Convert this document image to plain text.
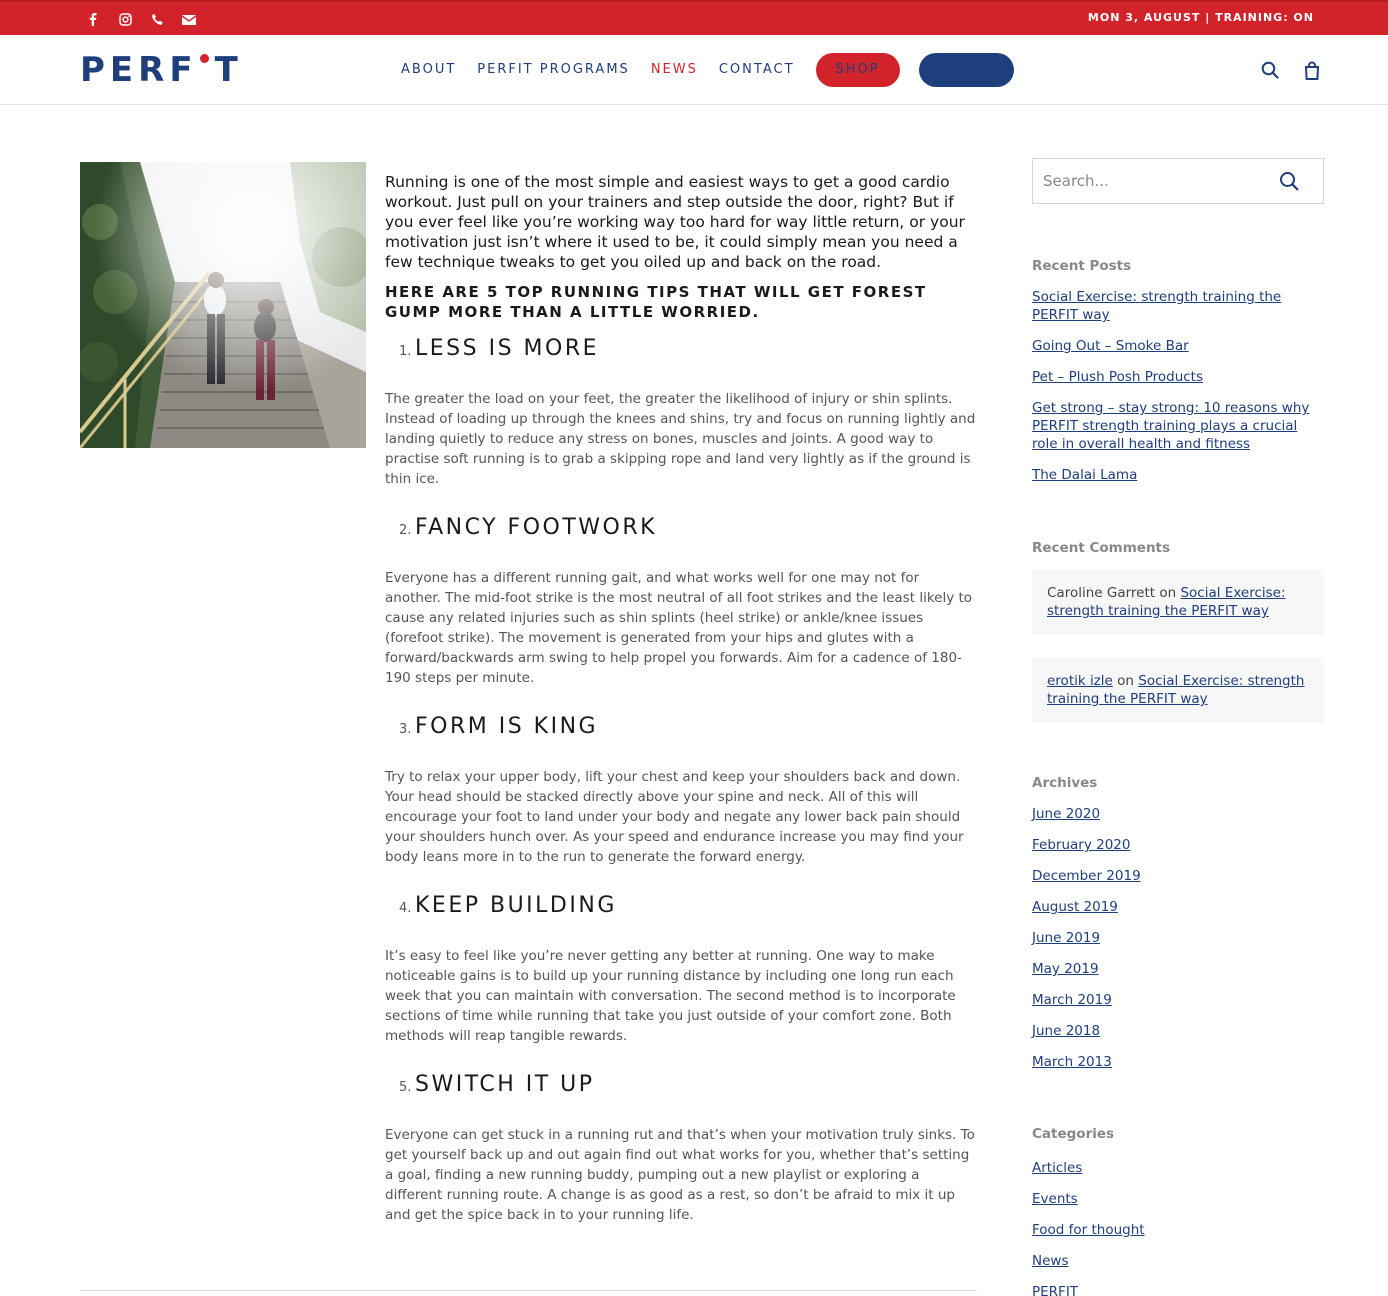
MON 3, AUGUST | TRAINING: ON
PERF T	ABOUT PERFIT PROGRAMS NEWS CONTACT	SHOP	LOG IN

Running is one of the most simple and easiest ways to get a good cardio workout. Just pull on your trainers and step outside the door, right? But if you ever feel like you’re working way too hard for way little return, or your motivation just isn’t where it used to be, it could simply mean you need a few technique tweaks to get you oiled up and back on the road.

HERE ARE 5 TOP RUNNING TIPS THAT WILL GET FOREST GUMP MORE THAN A LITTLE WORRIED.
1. LESS IS MORE

The greater the load on your feet, the greater the likelihood of injury or shin splints. Instead of loading up through the knees and shins, try and focus on running lightly and landing quietly to reduce any stress on bones, muscles and joints. A good way to practise soft running is to grab a skipping rope and land very lightly as if the ground is thin ice.

2. FANCY FOOTWORK

Everyone has a different running gait, and what works well for one may not for another. The mid-foot strike is the most neutral of all foot strikes and the least likely to cause any related injuries such as shin splints (heel strike) or ankle/knee issues (forefoot strike). The movement is generated from your hips and glutes with a forward/backwards arm swing to help propel you forwards. Aim for a cadence of 180-190 steps per minute.

3. FORM IS KING

Try to relax your upper body, lift your chest and keep your shoulders back and down. Your head should be stacked directly above your spine and neck. All of this will encourage your foot to land under your body and negate any lower back pain should your shoulders hunch over. As your speed and endurance increase you may find your body leans more in to the run to generate the forward energy.

4. KEEP BUILDING

It’s easy to feel like you’re never getting any better at running. One way to make noticeable gains is to build up your running distance by including one long run each week that you can maintain with conversation. The second method is to incorporate sections of time while running that take you just outside of your comfort zone. Both methods will reap tangible rewards.

5. SWITCH IT UP

Everyone can get stuck in a running rut and that’s when your motivation truly sinks. To get yourself back up and out again find out what works for you, whether that’s setting a goal, finding a new running buddy, pumping out a new playlist or exploring a different running route. A change is as good as a rest, so don’t be afraid to mix it up and get the spice back in to your running life.

Search...
Recent Posts
Social Exercise: strength training the PERFIT way
Going Out – Smoke Bar
Pet – Plush Posh Products
Get strong – stay strong: 10 reasons why PERFIT strength training plays a crucial role in overall health and fitness
The Dalai Lama
Recent Comments
Caroline Garrett on Social Exercise: strength training the PERFIT way
erotik izle on Social Exercise: strength training the PERFIT way
Archives
June 2020
February 2020
December 2019
August 2019
June 2019
May 2019
March 2019
June 2018
March 2013
Categories
Articles
Events
Food for thought
News
PERFIT
